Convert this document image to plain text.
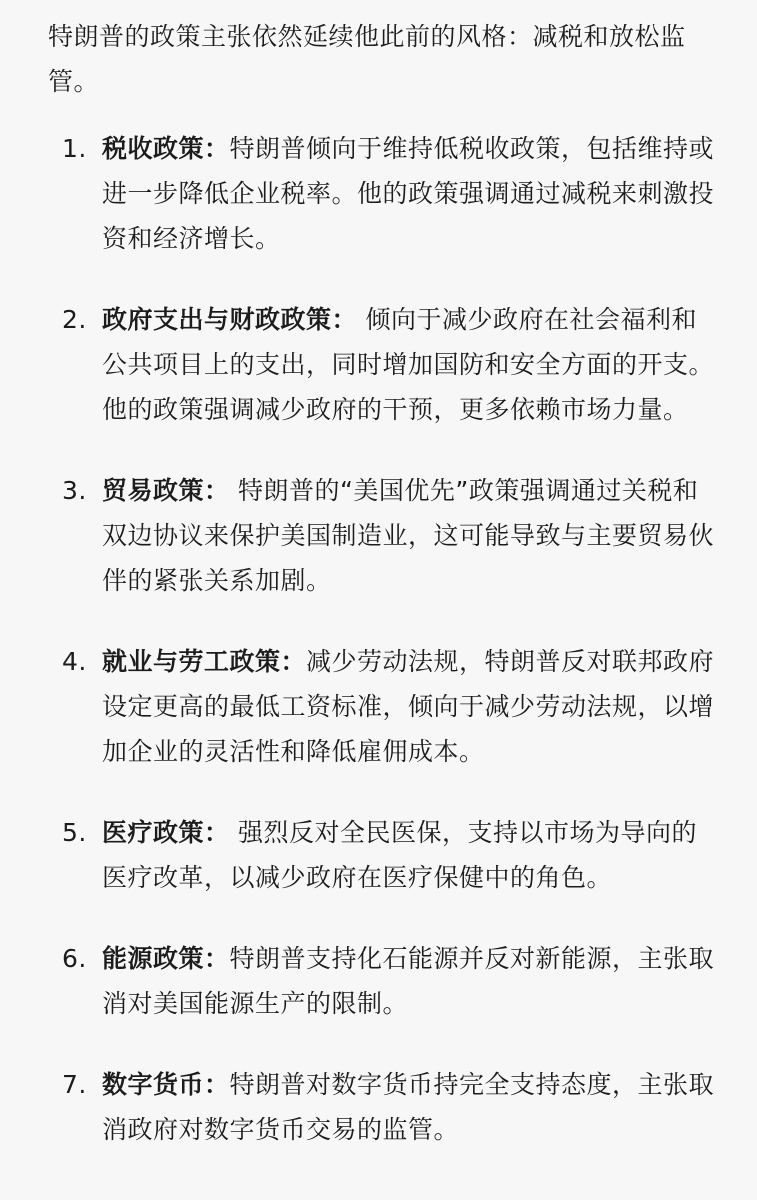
特朗普的政策主张依然延续他此前的风格：减税和放松监管。

1. 税收政策：特朗普倾向于维持低税收政策，包括维持或进一步降低企业税率。他的政策强调通过减税来刺激投资和经济增长。
2. 政府支出与财政政策： 倾向于减少政府在社会福利和公共项目上的支出，同时增加国防和安全方面的开支。他的政策强调减少政府的干预，更多依赖市场力量。
3. 贸易政策： 特朗普的“美国优先”政策强调通过关税和双边协议来保护美国制造业，这可能导致与主要贸易伙伴的紧张关系加剧。
4. 就业与劳工政策：减少劳动法规，特朗普反对联邦政府设定更高的最低工资标准，倾向于减少劳动法规，以增加企业的灵活性和降低雇佣成本。
5. 医疗政策： 强烈反对全民医保，支持以市场为导向的医疗改革，以减少政府在医疗保健中的角色。
6. 能源政策：特朗普支持化石能源并反对新能源，主张取消对美国能源生产的限制。
7. 数字货币：特朗普对数字货币持完全支持态度，主张取消政府对数字货币交易的监管。
